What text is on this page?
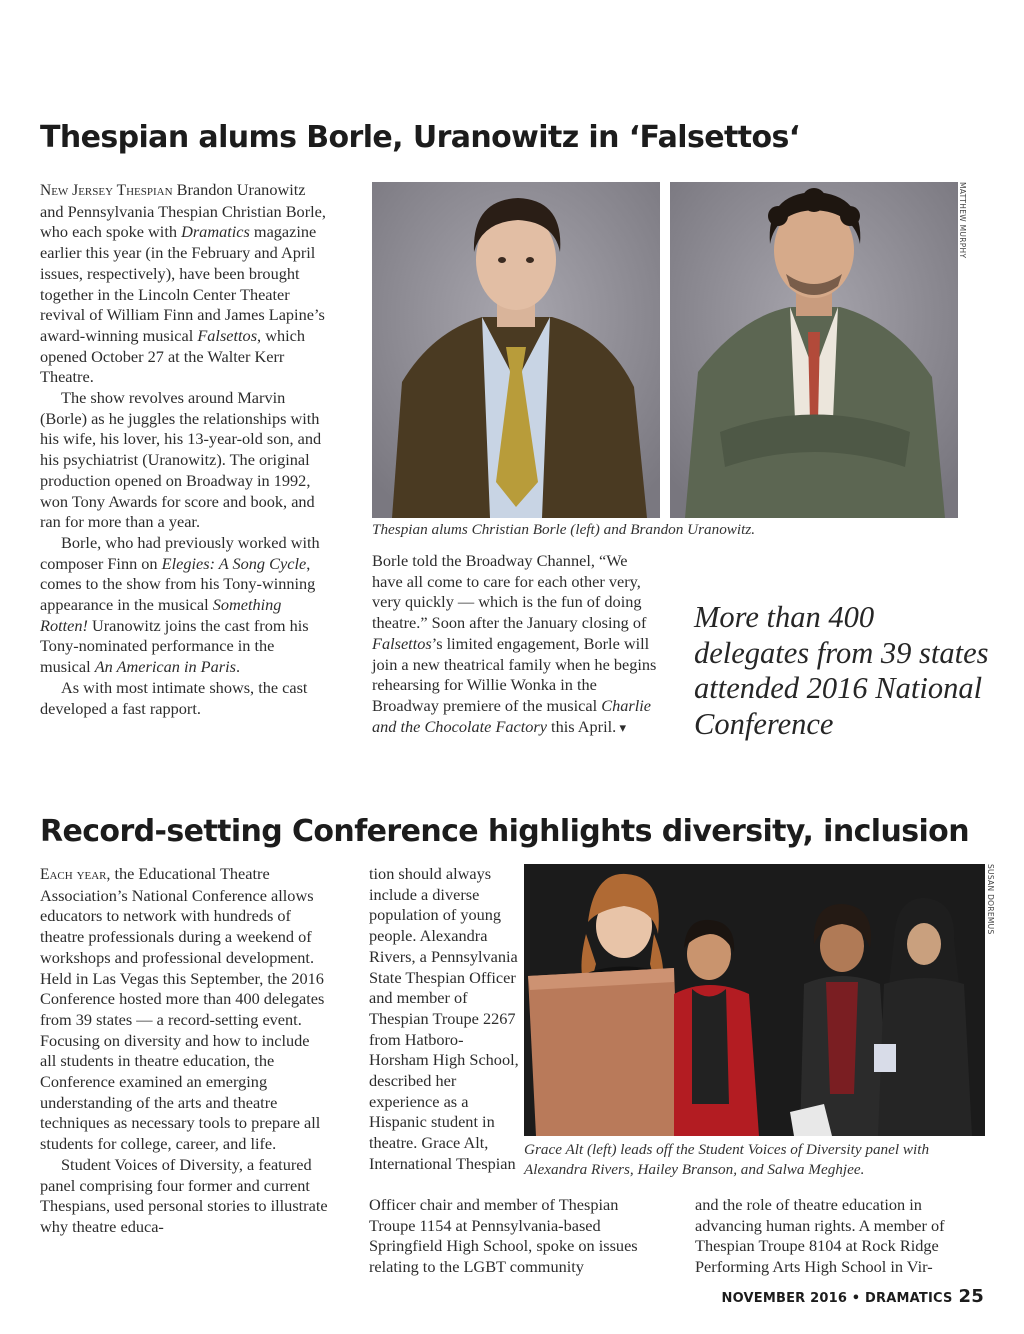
Thespian alums Borle, Uranowitz in ‘Falsettos‘

New Jersey Thespian Brandon Uranowitz and Pennsylvania Thespian Christian Borle, who each spoke with Dramatics magazine earlier this year (in the February and April issues, respectively), have been brought together in the Lincoln Center Theater revival of William Finn and James Lapine’s award-winning musical Falsettos, which opened October 27 at the Walter Kerr Theatre.

The show revolves around Marvin (Borle) as he juggles the relationships with his wife, his lover, his 13-year-old son, and his psychiatrist (Uranowitz). The original production opened on Broadway in 1992, won Tony Awards for score and book, and ran for more than a year.

Borle, who had previously worked with composer Finn on Elegies: A Song Cycle, comes to the show from his Tony-winning appearance in the musical Something Rotten! Uranowitz joins the cast from his Tony-nominated performance in the musical An American in Paris.

As with most intimate shows, the cast developed a fast rapport.

MATTHEW MURPHY
Thespian alums Christian Borle (left) and Brandon Uranowitz.

Borle told the Broadway Channel, “We have all come to care for each other very, very quickly — which is the fun of doing theatre.” Soon after the January closing of Falsettos’s limited engagement, Borle will join a new theatrical family when he begins rehearsing for Willie Wonka in the Broadway premiere of the musical Charlie and the Chocolate Factory this April. ▾

More than 400 delegates from 39 states attended 2016 National Conference
Record-setting Conference highlights diversity, inclusion

Each year, the Educational Theatre Association’s National Conference allows educators to network with hundreds of theatre professionals during a weekend of workshops and professional development. Held in Las Vegas this September, the 2016 Conference hosted more than 400 delegates from 39 states — a record-setting event. Focusing on diversity and how to include all students in theatre education, the Conference examined an emerging understanding of the arts and theatre techniques as necessary tools to prepare all students for college, career, and life.

Student Voices of Diversity, a featured panel comprising four former and current Thespians, used personal stories to illustrate why theatre educa-

tion should always include a diverse population of young people. Alexandra Rivers, a Pennsylvania State Thespian Officer and member of Thespian Troupe 2267 from Hatboro-Horsham High School, described her experience as a Hispanic student in theatre. Grace Alt, International Thespian
SUSAN DOREMUS
Grace Alt (left) leads off the Student Voices of Diversity panel with Alexandra Rivers, Hailey Branson, and Salwa Meghjee.
Officer chair and member of Thespian Troupe 1154 at Pennsylvania-based Springfield High School, spoke on issues relating to the LGBT community
and the role of theatre education in advancing human rights. A member of Thespian Troupe 8104 at Rock Ridge Performing Arts High School in Vir-
NOVEMBER 2016 • DRAMATICS 25
